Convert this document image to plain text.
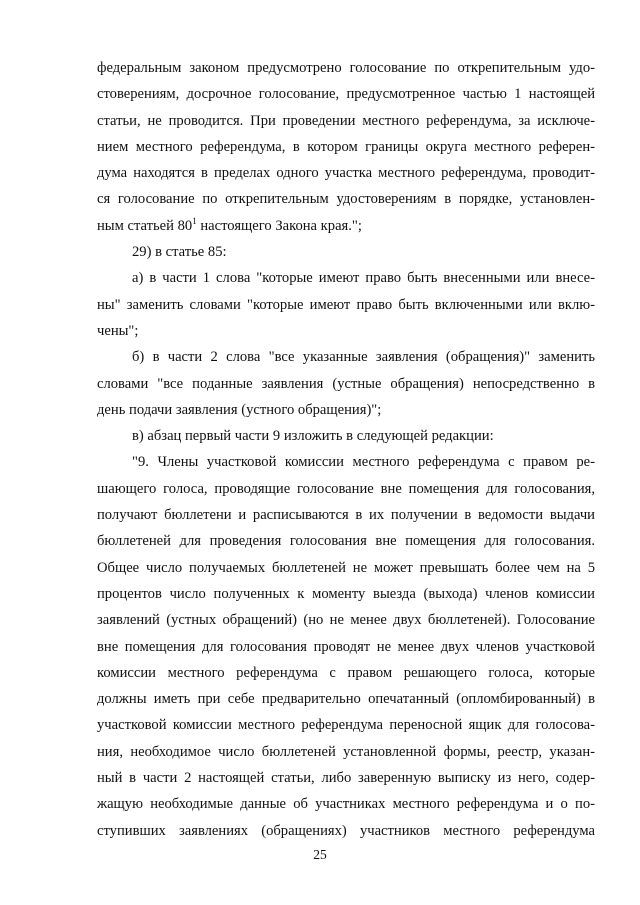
федеральным законом предусмотрено голосование по открепительным удо-
стоверениям, досрочное голосование, предусмотренное частью 1 настоящей
статьи, не проводится. При проведении местного референдума, за исключе-
нием местного референдума, в котором границы округа местного референ-
дума находятся в пределах одного участка местного референдума, проводит-
ся голосование по открепительным удостоверениям в порядке, установлен-
ным статьей $80^1$ настоящего Закона края.";
29) в статье 85:
а) в части 1 слова "которые имеют право быть внесенными или внесе-
ны" заменить словами "которые имеют право быть включенными или вклю-
чены";
б) в части 2 слова "все указанные заявления (обращения)" заменить
словами "все поданные заявления (устные обращения) непосредственно в
день подачи заявления (устного обращения)";
в) абзац первый части 9 изложить в следующей редакции:
"9. Члены участковой комиссии местного референдума с правом ре-
шающего голоса, проводящие голосование вне помещения для голосования,
получают бюллетени и расписываются в их получении в ведомости выдачи
бюллетеней для проведения голосования вне помещения для голосования.
Общее число получаемых бюллетеней не может превышать более чем на 5
процентов число полученных к моменту выезда (выхода) членов комиссии
заявлений (устных обращений) (но не менее двух бюллетеней). Голосование
вне помещения для голосования проводят не менее двух членов участковой
комиссии местного референдума с правом решающего голоса, которые
должны иметь при себе предварительно опечатанный (опломбированный) в
участковой комиссии местного референдума переносной ящик для голосова-
ния, необходимое число бюллетеней установленной формы, реестр, указан-
ный в части 2 настоящей статьи, либо заверенную выписку из него, содер-
жащую необходимые данные об участниках местного референдума и о по-
ступивших заявлениях (обращениях) участников местного референдума
25
